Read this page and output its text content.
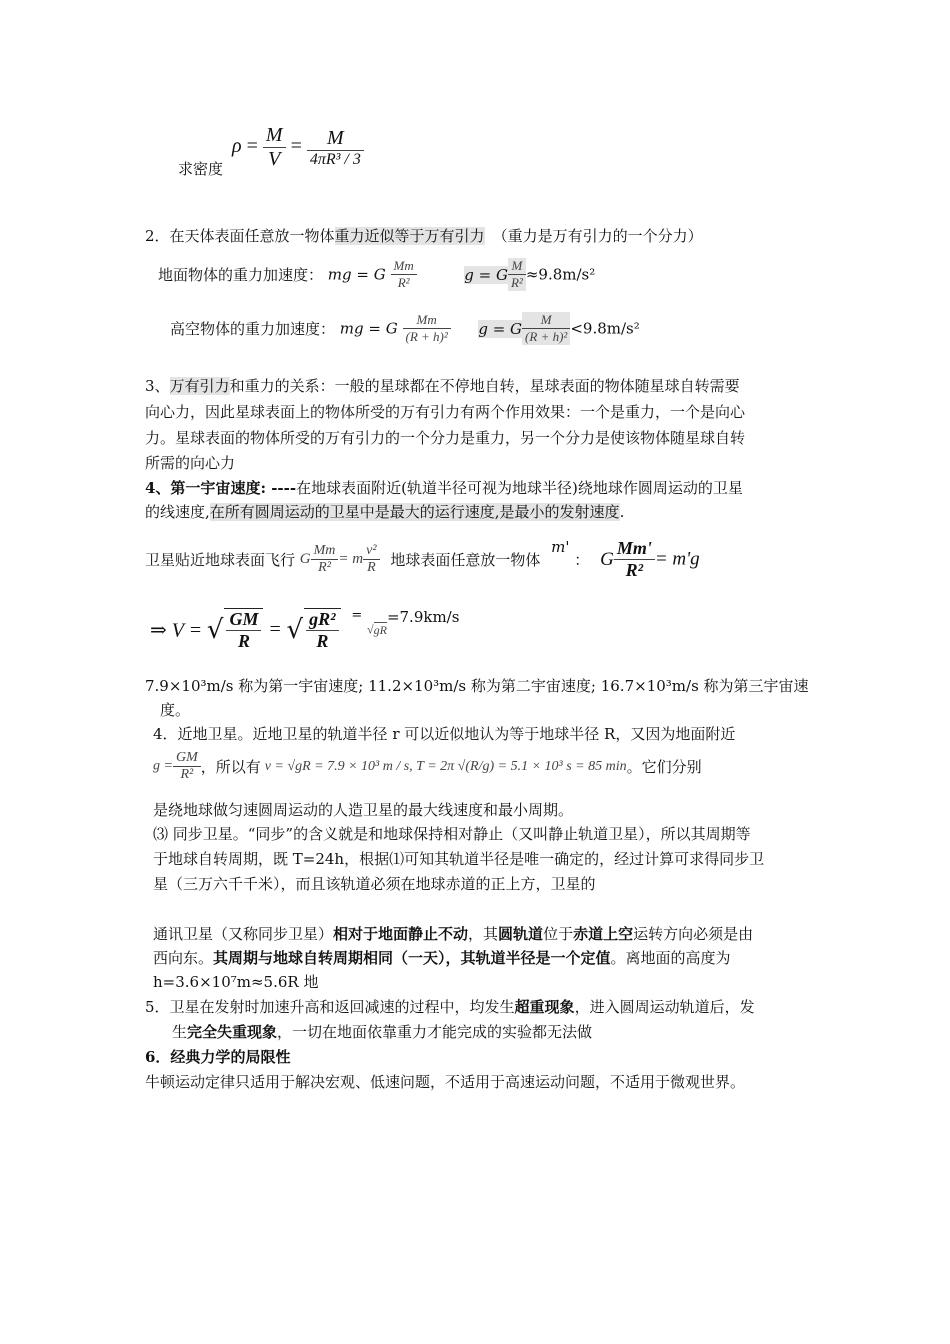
求密度
$\rho = \frac{M}{V} = \frac{M}{\text{4πR³ / 3}}$
2．在天体表面任意放一物体重力近似等于万有引力 （重力是万有引力的一个分力）
地面物体的重力加速度： mg = G $\frac{Mm}{\text{R²}}$	g = G $\frac{M}{\text{R²}} \approx 9.8m/s^2$
高空物体的重力加速度： mg = G $\frac{Mm}{\text{(R + h)²}}$ g = G $\frac{M}{\text{(R + h)²}} <9.8m/s^2$
3、万有引力和重力的关系：一般的星球都在不停地自转，星球表面的物体随星球自转需要
向心力，因此星球表面上的物体所受的万有引力有两个作用效果：一个是重力，一个是向心
力。星球表面的物体所受的万有引力的一个分力是重力，另一个分力是使该物体随星球自转
所需的向心力
4、第一宇宙速度: ----在地球表面附近(轨道半径可视为地球半径)绕地球作圆周运动的卫星
的线速度,在所有圆周运动的卫星中是最大的运行速度,是最小的发射速度.
卫星贴近地球表面飞行 G $\frac{Mm}{\text{R²}} = m \frac{\text{v²}}{R}$ 地球表面任意放一物体 m' ： G $\frac{Mm'}{\text{R²}} = m'g$
⇒ V = √ $\frac{GM}{R}$ = √ $\frac{\text{gR²}}{R} = √gR=7.9km/s$
7.9×10³m/s 称为第一宇宙速度; 11.2×10³m/s 称为第二宇宙速度; 16.7×10³m/s 称为第三宇宙速
度。
4．近地卫星。近地卫星的轨道半径 r 可以近似地认为等于地球半径 R，又因为地面附近
$g = \frac{GM}{\text{R²}}$ ，所以有 v = √gR = 7.9 × 10³ m / s, T = 2π √(R/g) = 5.1 × 10³ s = 85 min。它们分别
是绕地球做匀速圆周运动的人造卫星的最大线速度和最小周期。
⑶ 同步卫星。“同步”的含义就是和地球保持相对静止（又叫静止轨道卫星），所以其周期等
于地球自转周期，既 T=24h，根据⑴可知其轨道半径是唯一确定的，经过计算可求得同步卫
星（三万六千千米），而且该轨道必须在地球赤道的正上方，卫星的
通讯卫星（又称同步卫星）相对于地面静止不动，其圆轨道位于赤道上空运转方向必须是由
西向东。其周期与地球自转周期相同（一天），其轨道半径是一个定值。离地面的高度为
h=3.6×10⁷m≈5.6R 地
5．卫星在发射时加速升高和返回减速的过程中，均发生超重现象，进入圆周运动轨道后，发
生完全失重现象，一切在地面依靠重力才能完成的实验都无法做
6．经典力学的局限性
牛顿运动定律只适用于解决宏观、低速问题，不适用于高速运动问题，不适用于微观世界。
